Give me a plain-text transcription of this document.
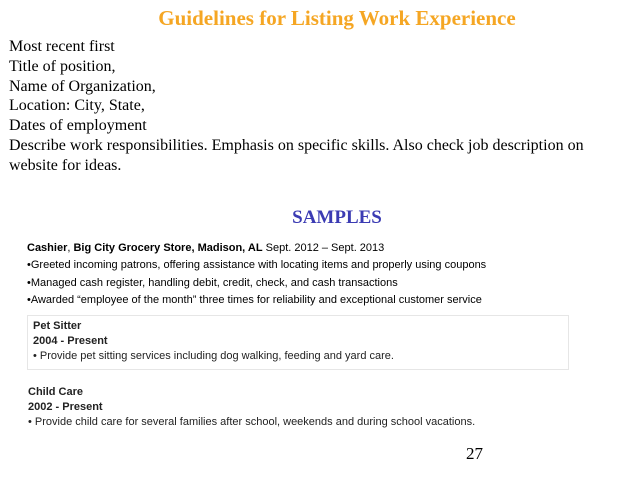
Guidelines for Listing Work Experience
Most recent first
Title of position,
Name of Organization,
Location: City, State,
Dates of employment
Describe work responsibilities. Emphasis on specific skills. Also check job description on website for ideas.
SAMPLES
Cashier, Big City Grocery Store, Madison, AL Sept. 2012 – Sept. 2013
•Greeted incoming patrons, offering assistance with locating items and properly using coupons
•Managed cash register, handling debit, credit, check, and cash transactions
•Awarded “employee of the month” three times for reliability and exceptional customer service
Pet Sitter
2004 - Present
• Provide pet sitting services including dog walking, feeding and yard care.
Child Care
2002 - Present
• Provide child care for several families after school, weekends and during school vacations.
27
